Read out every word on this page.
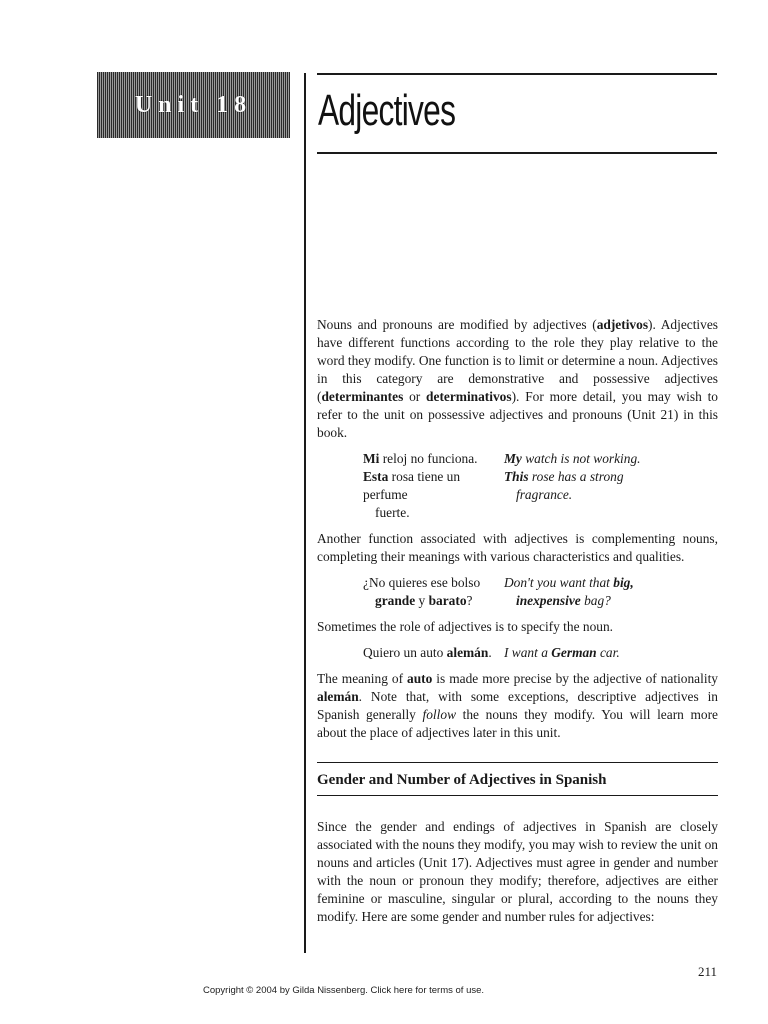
Unit 18 Adjectives

Nouns and pronouns are modified by adjectives (adjetivos). Adjectives have different functions according to the role they play relative to the word they modify. One function is to limit or determine a noun. Adjectives in this category are demonstrative and possessive adjectives (determinantes or determinativos). For more detail, you may wish to refer to the unit on possessive adjectives and pronouns (Unit 21) in this book.

Mi reloj no funciona.
Esta rosa tiene un perfume
fuerte.
My watch is not working.
This rose has a strong
fragrance.

Another function associated with adjectives is complementing nouns, completing their meanings with various characteristics and qualities.

¿No quieres ese bolso
grande y barato?
Don't you want that big,
inexpensive bag?

Sometimes the role of adjectives is to specify the noun.

Quiero un auto alemán. I want a German car.

The meaning of auto is made more precise by the adjective of nationality alemán. Note that, with some exceptions, descriptive adjectives in Spanish generally follow the nouns they modify. You will learn more about the place of adjectives later in this unit.

Gender and Number of Adjectives in Spanish

Since the gender and endings of adjectives in Spanish are closely associated with the nouns they modify, you may wish to review the unit on nouns and articles (Unit 17). Adjectives must agree in gender and number with the noun or pronoun they modify; therefore, adjectives are either feminine or masculine, singular or plural, according to the nouns they modify. Here are some gender and number rules for adjectives:

211
Copyright © 2004 by Gilda Nissenberg. Click here for terms of use.
